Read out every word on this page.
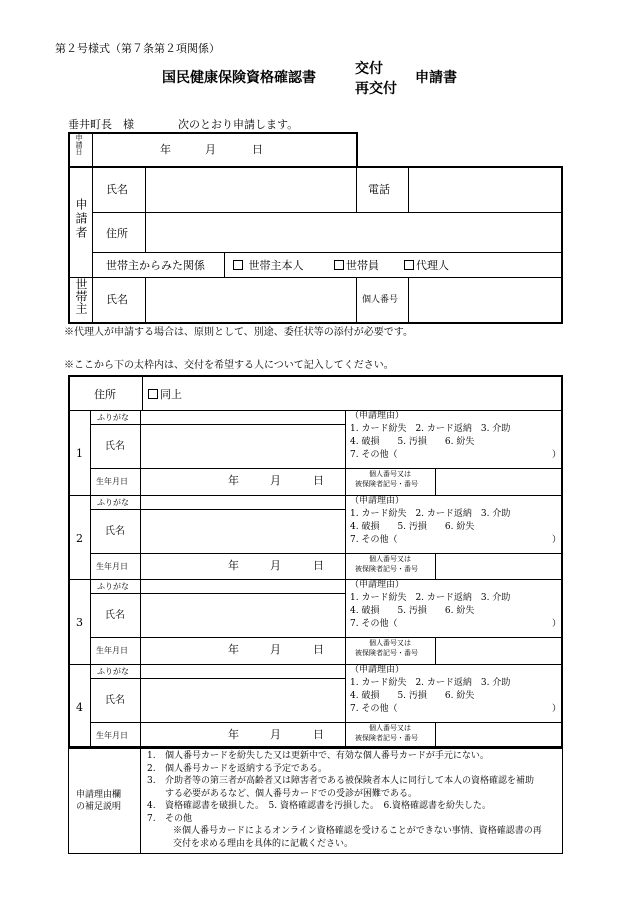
第２号様式（第７条第２項関係）
国民健康保険資格確認書
交付
再交付
申請書
垂井町長　様	次のとおり申請します。
申請日	年	月	日
申請者
氏名	電話
住所
世帯主からみた関係	世帯主本人	世帯員	代理人
世帯主 氏名	個人番号
※代理人が申請する場合は、原則として、別途、委任状等の添付が必要です。
※ここから下の太枠内は、交付を希望する人について記入してください。
住所	同上
1
ふりがな
氏名
生年月日	年	月	日
（申請理由）
1. カード紛失　2. カード返納　3. 介助
4. 破損　　5. 汚損　　6. 紛失
7. その他（	）
個人番号又は
被保険者記号・番号
2
ふりがな
氏名
生年月日	年	月	日
（申請理由）
1. カード紛失　2. カード返納　3. 介助
4. 破損　　5. 汚損　　6. 紛失
7. その他（	）
個人番号又は
被保険者記号・番号
3
ふりがな
氏名
生年月日	年	月	日
（申請理由）
1. カード紛失　2. カード返納　3. 介助
4. 破損　　5. 汚損　　6. 紛失
7. その他（	）
個人番号又は
被保険者記号・番号
4
ふりがな
氏名
生年月日	年	月	日
（申請理由）
1. カード紛失　2. カード返納　3. 介助
4. 破損　　5. 汚損　　6. 紛失
7. その他（	）
個人番号又は
被保険者記号・番号
申請理由欄
の補足説明
1. 個人番号カードを紛失した又は更新中で、有効な個人番号カードが手元にない。
2. 個人番号カードを返納する予定である。
3. 介助者等の第三者が高齢者又は障害者である被保険者本人に同行して本人の資格確認を補助
する必要があるなど、個人番号カードでの受診が困難である。
4. 資格確認書を破損した。　5. 資格確認書を汚損した。　6.資格確認書を紛失した。
7. その他
※個人番号カードによるオンライン資格確認を受けることができない事情、資格確認書の再
交付を求める理由を具体的に記載ください。
